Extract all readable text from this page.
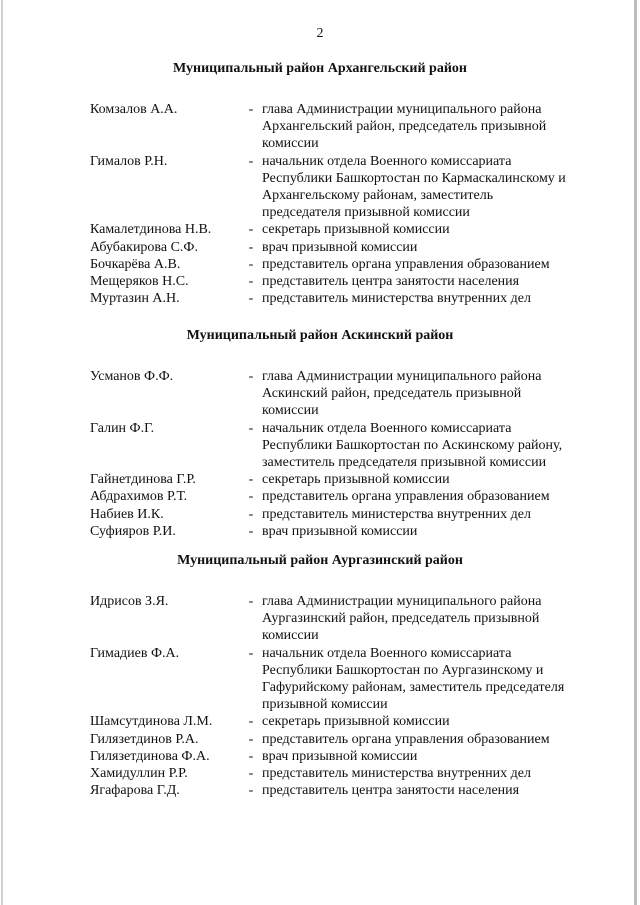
2
Муниципальный район Архангельский район
Комзалов А.А.	- глава Администрации муниципального района
Архангельский район, председатель призывной
комиссии
Гималов Р.Н.	- начальник отдела Военного комиссариата
Республики Башкортостан по Кармаскалинскому и
Архангельскому районам, заместитель
председателя призывной комиссии
Камалетдинова Н.В.	- секретарь призывной комиссии
Абубакирова С.Ф.	- врач призывной комиссии
Бочкарёва А.В.	- представитель органа управления образованием
Мещеряков Н.С.	- представитель центра занятости населения
Муртазин А.Н.	- представитель министерства внутренних дел
Муниципальный район Аскинский район
Усманов Ф.Ф.	- глава Администрации муниципального района
Аскинский район, председатель призывной
комиссии
Галин Ф.Г.	- начальник отдела Военного комиссариата
Республики Башкортостан по Аскинскому району,
заместитель председателя призывной комиссии
Гайнетдинова Г.Р.	- секретарь призывной комиссии
Абдрахимов Р.Т.	- представитель органа управления образованием
Набиев И.К.	- представитель министерства внутренних дел
Суфияров Р.И.	- врач призывной комиссии
Муниципальный район Аургазинский район
Идрисов З.Я.	- глава Администрации муниципального района
Аургазинский район, председатель призывной
комиссии
Гимадиев Ф.А.	- начальник отдела Военного комиссариата
Республики Башкортостан по Аургазинскому и
Гафурийскому районам, заместитель председателя
призывной комиссии
Шамсутдинова Л.М.	- секретарь призывной комиссии
Гилязетдинов Р.А.	- представитель органа управления образованием
Гилязетдинова Ф.А.	- врач призывной комиссии
Хамидуллин Р.Р.	- представитель министерства внутренних дел
Ягафарова Г.Д.	- представитель центра занятости населения
